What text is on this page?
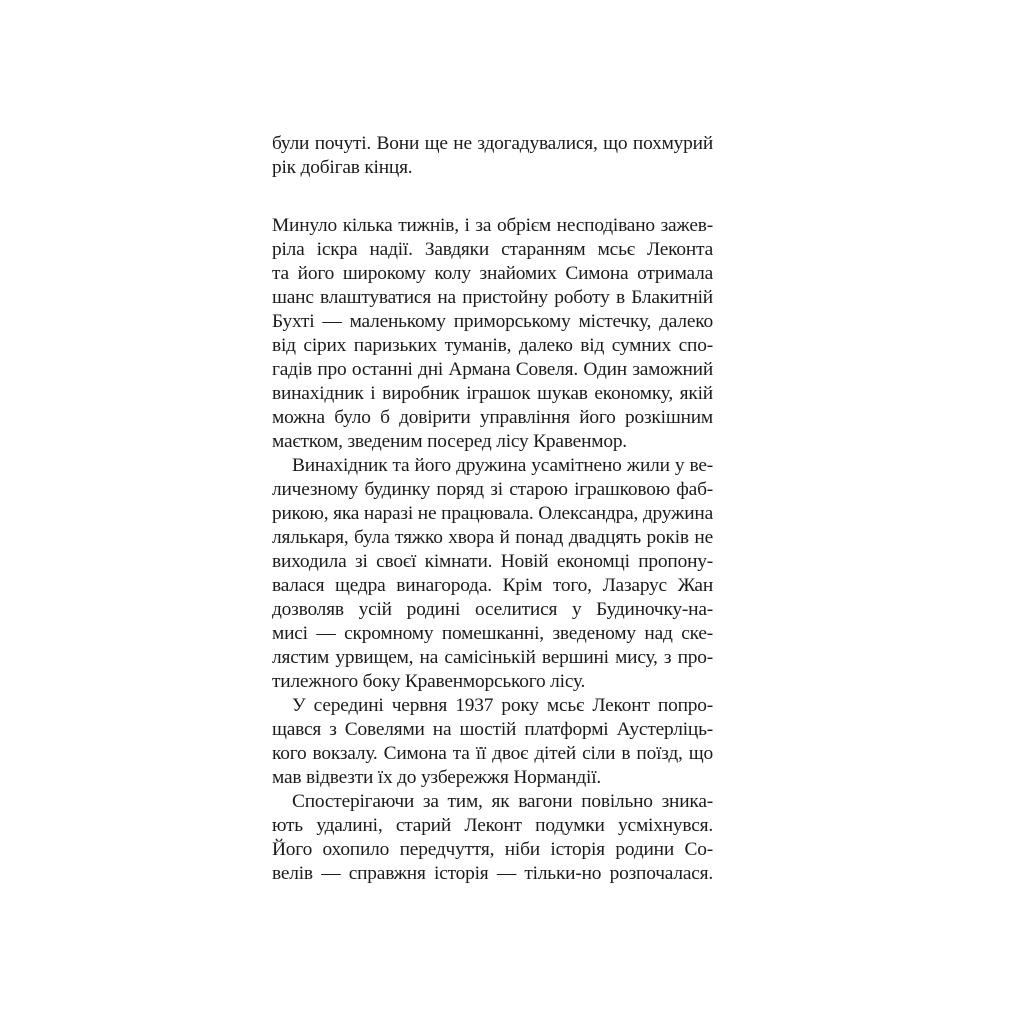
були почуті. Вони ще не здогадувалися, що похмурий
рік добігав кінця.
Минуло кілька тижнів, і за обрієм несподівано зажев-
ріла іскра надії. Завдяки старанням мсьє Леконта
та його широкому колу знайомих Симона отримала
шанс влаштуватися на пристойну роботу в Блакитній
Бухті — маленькому приморському містечку, далеко
від сірих паризьких туманів, далеко від сумних спо-
гадів про останні дні Армана Совеля. Один заможний
винахідник і виробник іграшок шукав економку, якій
можна було б довірити управління його розкішним
маєтком, зведеним посеред лісу Кравенмор.
Винахідник та його дружина усамітнено жили у ве-
личезному будинку поряд зі старою іграшковою фаб-
рикою, яка наразі не працювала. Олександра, дружина
лялькаря, була тяжко хвора й понад двадцять років не
виходила зі своєї кімнати. Новій економці пропону-
валася щедра винагорода. Крім того, Лазарус Жан
дозволяв усій родині оселитися у Будиночку-на-
мисі — скромному помешканні, зведеному над ске-
лястим урвищем, на самісінькій вершині мису, з про-
тилежного боку Кравенморського лісу.
У середині червня 1937 року мсьє Леконт попро-
щався з Совелями на шостій платформі Аустерліць-
кого вокзалу. Симона та її двоє дітей сіли в поїзд, що
мав відвезти їх до узбережжя Нормандії.
Спостерігаючи за тим, як вагони повільно зника-
ють удалині, старий Леконт подумки усміхнувся.
Його охопило передчуття, ніби історія родини Со-
велів — справжня історія — тільки-но розпочалася.
